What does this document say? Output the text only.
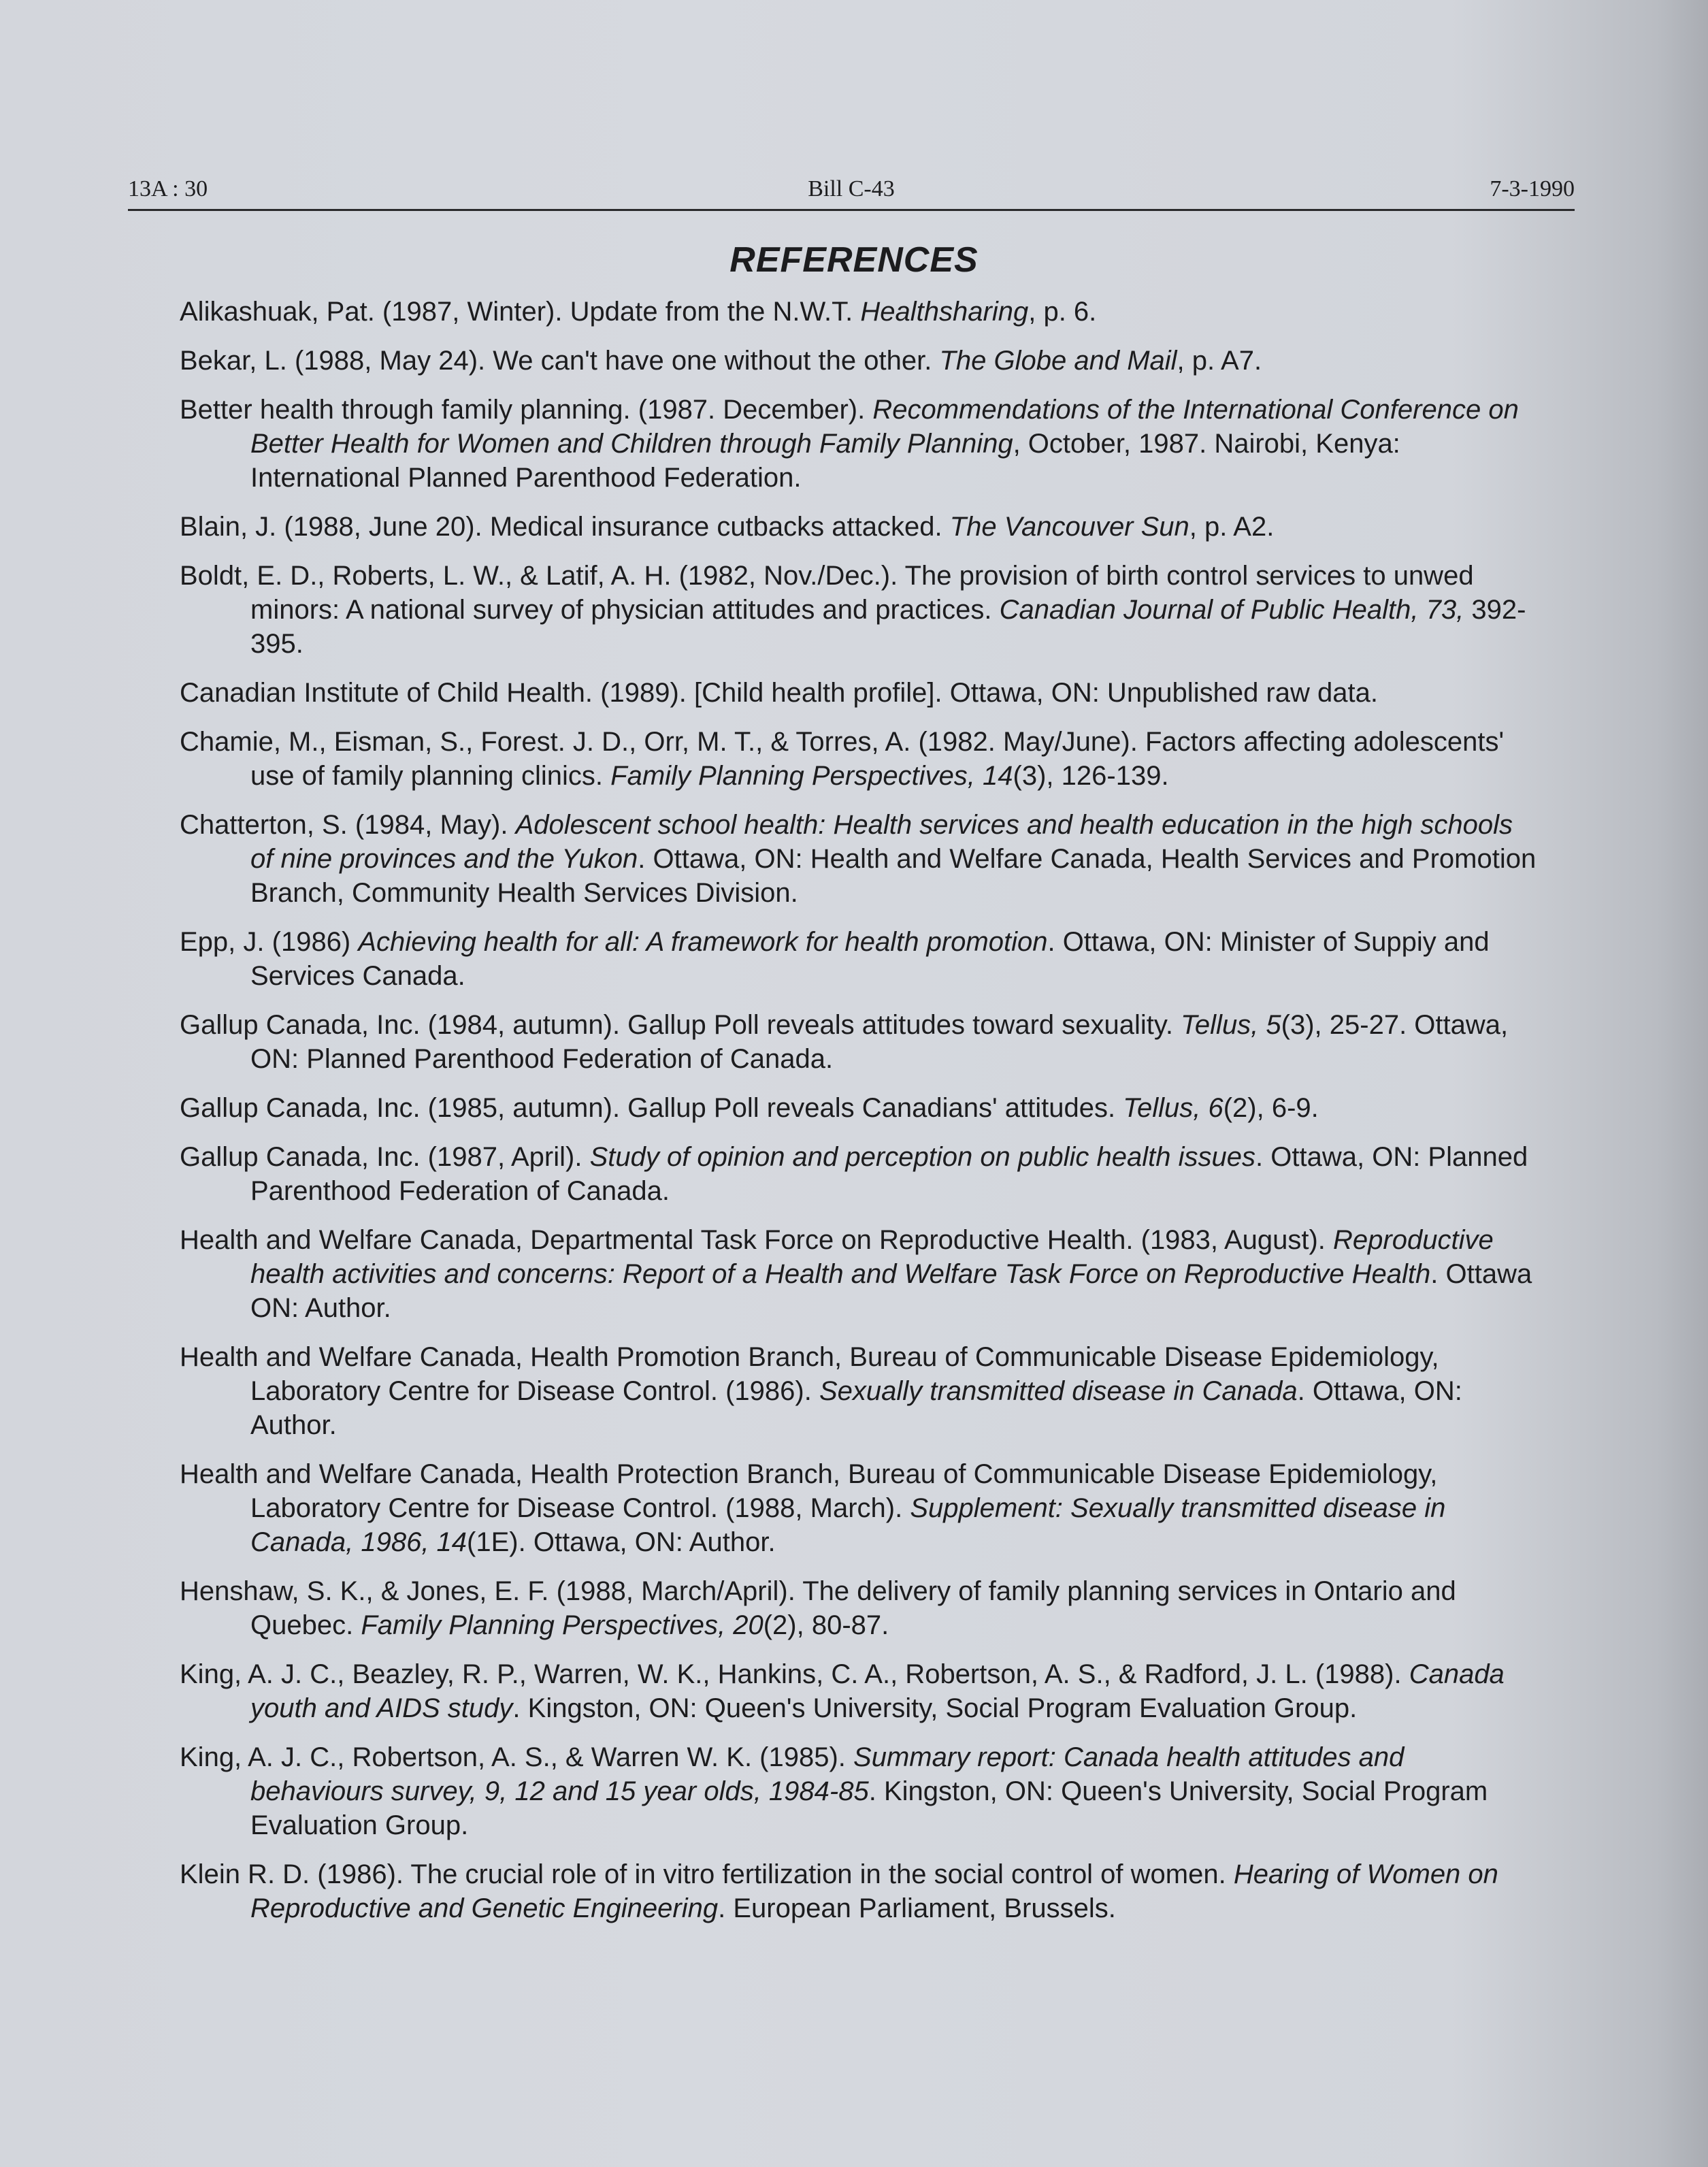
13A : 30	Bill C-43	7-3-1990
REFERENCES

Alikashuak, Pat. (1987, Winter). Update from the N.W.T. Healthsharing, p. 6.

Bekar, L. (1988, May 24). We can't have one without the other. The Globe and Mail, p. A7.

Better health through family planning. (1987. December). Recommendations of the International Conference on Better Health for Women and Children through Family Planning, October, 1987. Nairobi, Kenya: International Planned Parenthood Federation.

Blain, J. (1988, June 20). Medical insurance cutbacks attacked. The Vancouver Sun, p. A2.

Boldt, E. D., Roberts, L. W., & Latif, A. H. (1982, Nov./Dec.). The provision of birth control services to unwed minors: A national survey of physician attitudes and practices. Canadian Journal of Public Health, 73, 392-395.

Canadian Institute of Child Health. (1989). [Child health profile]. Ottawa, ON: Unpublished raw data.

Chamie, M., Eisman, S., Forest. J. D., Orr, M. T., & Torres, A. (1982. May/June). Factors affecting adolescents' use of family planning clinics. Family Planning Perspectives, 14(3), 126-139.

Chatterton, S. (1984, May). Adolescent school health: Health services and health education in the high schools of nine provinces and the Yukon. Ottawa, ON: Health and Welfare Canada, Health Services and Promotion Branch, Community Health Services Division.

Epp, J. (1986) Achieving health for all: A framework for health promotion. Ottawa, ON: Minister of Suppiy and Services Canada.

Gallup Canada, Inc. (1984, autumn). Gallup Poll reveals attitudes toward sexuality. Tellus, 5(3), 25-27. Ottawa, ON: Planned Parenthood Federation of Canada.

Gallup Canada, Inc. (1985, autumn). Gallup Poll reveals Canadians' attitudes. Tellus, 6(2), 6-9.

Gallup Canada, Inc. (1987, April). Study of opinion and perception on public health issues. Ottawa, ON: Planned Parenthood Federation of Canada.

Health and Welfare Canada, Departmental Task Force on Reproductive Health. (1983, August). Reproductive health activities and concerns: Report of a Health and Welfare Task Force on Reproductive Health. Ottawa ON: Author.

Health and Welfare Canada, Health Promotion Branch, Bureau of Communicable Disease Epidemiology, Laboratory Centre for Disease Control. (1986). Sexually transmitted disease in Canada. Ottawa, ON: Author.

Health and Welfare Canada, Health Protection Branch, Bureau of Communicable Disease Epidemiology, Laboratory Centre for Disease Control. (1988, March). Supplement: Sexually transmitted disease in Canada, 1986, 14(1E). Ottawa, ON: Author.

Henshaw, S. K., & Jones, E. F. (1988, March/April). The delivery of family planning services in Ontario and Quebec. Family Planning Perspectives, 20(2), 80-87.

King, A. J. C., Beazley, R. P., Warren, W. K., Hankins, C. A., Robertson, A. S., & Radford, J. L. (1988). Canada youth and AIDS study. Kingston, ON: Queen's University, Social Program Evaluation Group.

King, A. J. C., Robertson, A. S., & Warren W. K. (1985). Summary report: Canada health attitudes and behaviours survey, 9, 12 and 15 year olds, 1984-85. Kingston, ON: Queen's University, Social Program Evaluation Group.

Klein R. D. (1986). The crucial role of in vitro fertilization in the social control of women. Hearing of Women on Reproductive and Genetic Engineering. European Parliament, Brussels.
